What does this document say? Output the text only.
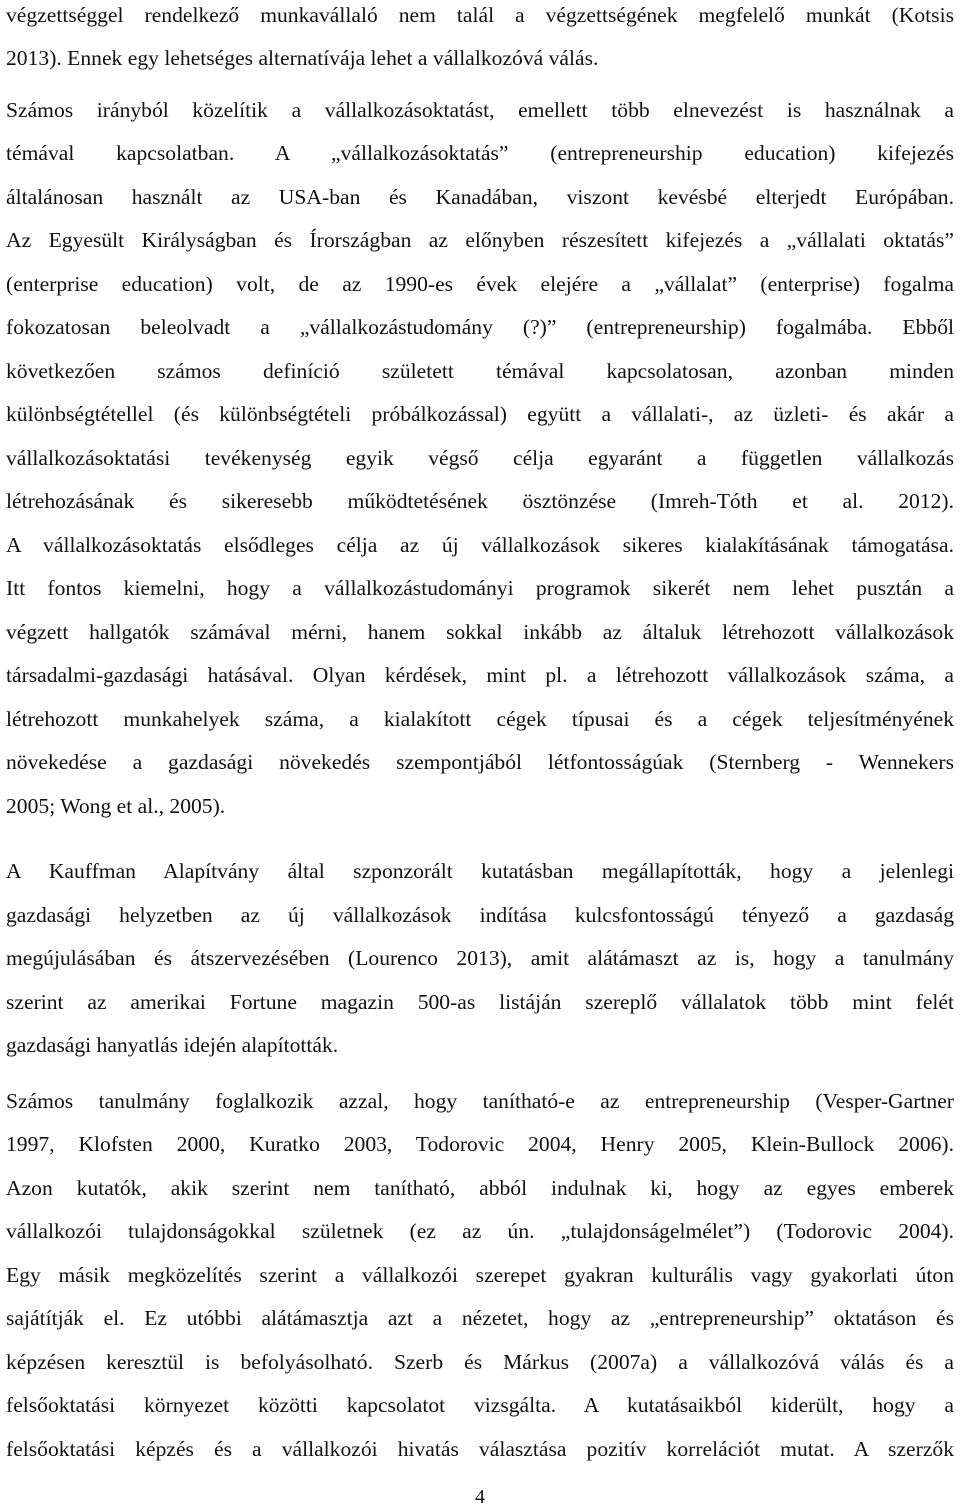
végzettséggel rendelkező munkavállaló nem talál a végzettségének megfelelő munkát (Kotsis
2013). Ennek egy lehetséges alternatívája lehet a vállalkozóvá válás.
Számos irányból közelítik a vállalkozásoktatást, emellett több elnevezést is használnak a
témával kapcsolatban. A „vállalkozásoktatás” (entrepreneurship education) kifejezés
általánosan használt az USA-ban és Kanadában, viszont kevésbé elterjedt Európában.
Az Egyesült Királyságban és Írországban az előnyben részesített kifejezés a „vállalati oktatás”
(enterprise education) volt, de az 1990-es évek elejére a „vállalat” (enterprise) fogalma
fokozatosan beleolvadt a „vállalkozástudomány (?)” (entrepreneurship) fogalmába. Ebből
következően számos definíció született témával kapcsolatosan, azonban minden
különbségtétellel (és különbségtételi próbálkozással) együtt a vállalati-, az üzleti- és akár a
vállalkozásoktatási tevékenység egyik végső célja egyaránt a független vállalkozás
létrehozásának és sikeresebb működtetésének ösztönzése (Imreh-Tóth et al. 2012).
A vállalkozásoktatás elsődleges célja az új vállalkozások sikeres kialakításának támogatása.
Itt fontos kiemelni, hogy a vállalkozástudományi programok sikerét nem lehet pusztán a
végzett hallgatók számával mérni, hanem sokkal inkább az általuk létrehozott vállalkozások
társadalmi-gazdasági hatásával. Olyan kérdések, mint pl. a létrehozott vállalkozások száma, a
létrehozott munkahelyek száma, a kialakított cégek típusai és a cégek teljesítményének
növekedése a gazdasági növekedés szempontjából létfontosságúak (Sternberg - Wennekers
2005; Wong et al., 2005).
A Kauffman Alapítvány által szponzorált kutatásban megállapították, hogy a jelenlegi
gazdasági helyzetben az új vállalkozások indítása kulcsfontosságú tényező a gazdaság
megújulásában és átszervezésében (Lourenco 2013), amit alátámaszt az is, hogy a tanulmány
szerint az amerikai Fortune magazin 500-as listáján szereplő vállalatok több mint felét
gazdasági hanyatlás idején alapították.
Számos tanulmány foglalkozik azzal, hogy tanítható-e az entrepreneurship (Vesper-Gartner
1997, Klofsten 2000, Kuratko 2003, Todorovic 2004, Henry 2005, Klein-Bullock 2006).
Azon kutatók, akik szerint nem tanítható, abból indulnak ki, hogy az egyes emberek
vállalkozói tulajdonságokkal születnek (ez az ún. „tulajdonságelmélet”) (Todorovic 2004).
Egy másik megközelítés szerint a vállalkozói szerepet gyakran kulturális vagy gyakorlati úton
sajátítják el. Ez utóbbi alátámasztja azt a nézetet, hogy az „entrepreneurship” oktatáson és
képzésen keresztül is befolyásolható. Szerb és Márkus (2007a) a vállalkozóvá válás és a
felsőoktatási környezet közötti kapcsolatot vizsgálta. A kutatásaikból kiderült, hogy a
felsőoktatási képzés és a vállalkozói hivatás választása pozitív korrelációt mutat. A szerzők
4
